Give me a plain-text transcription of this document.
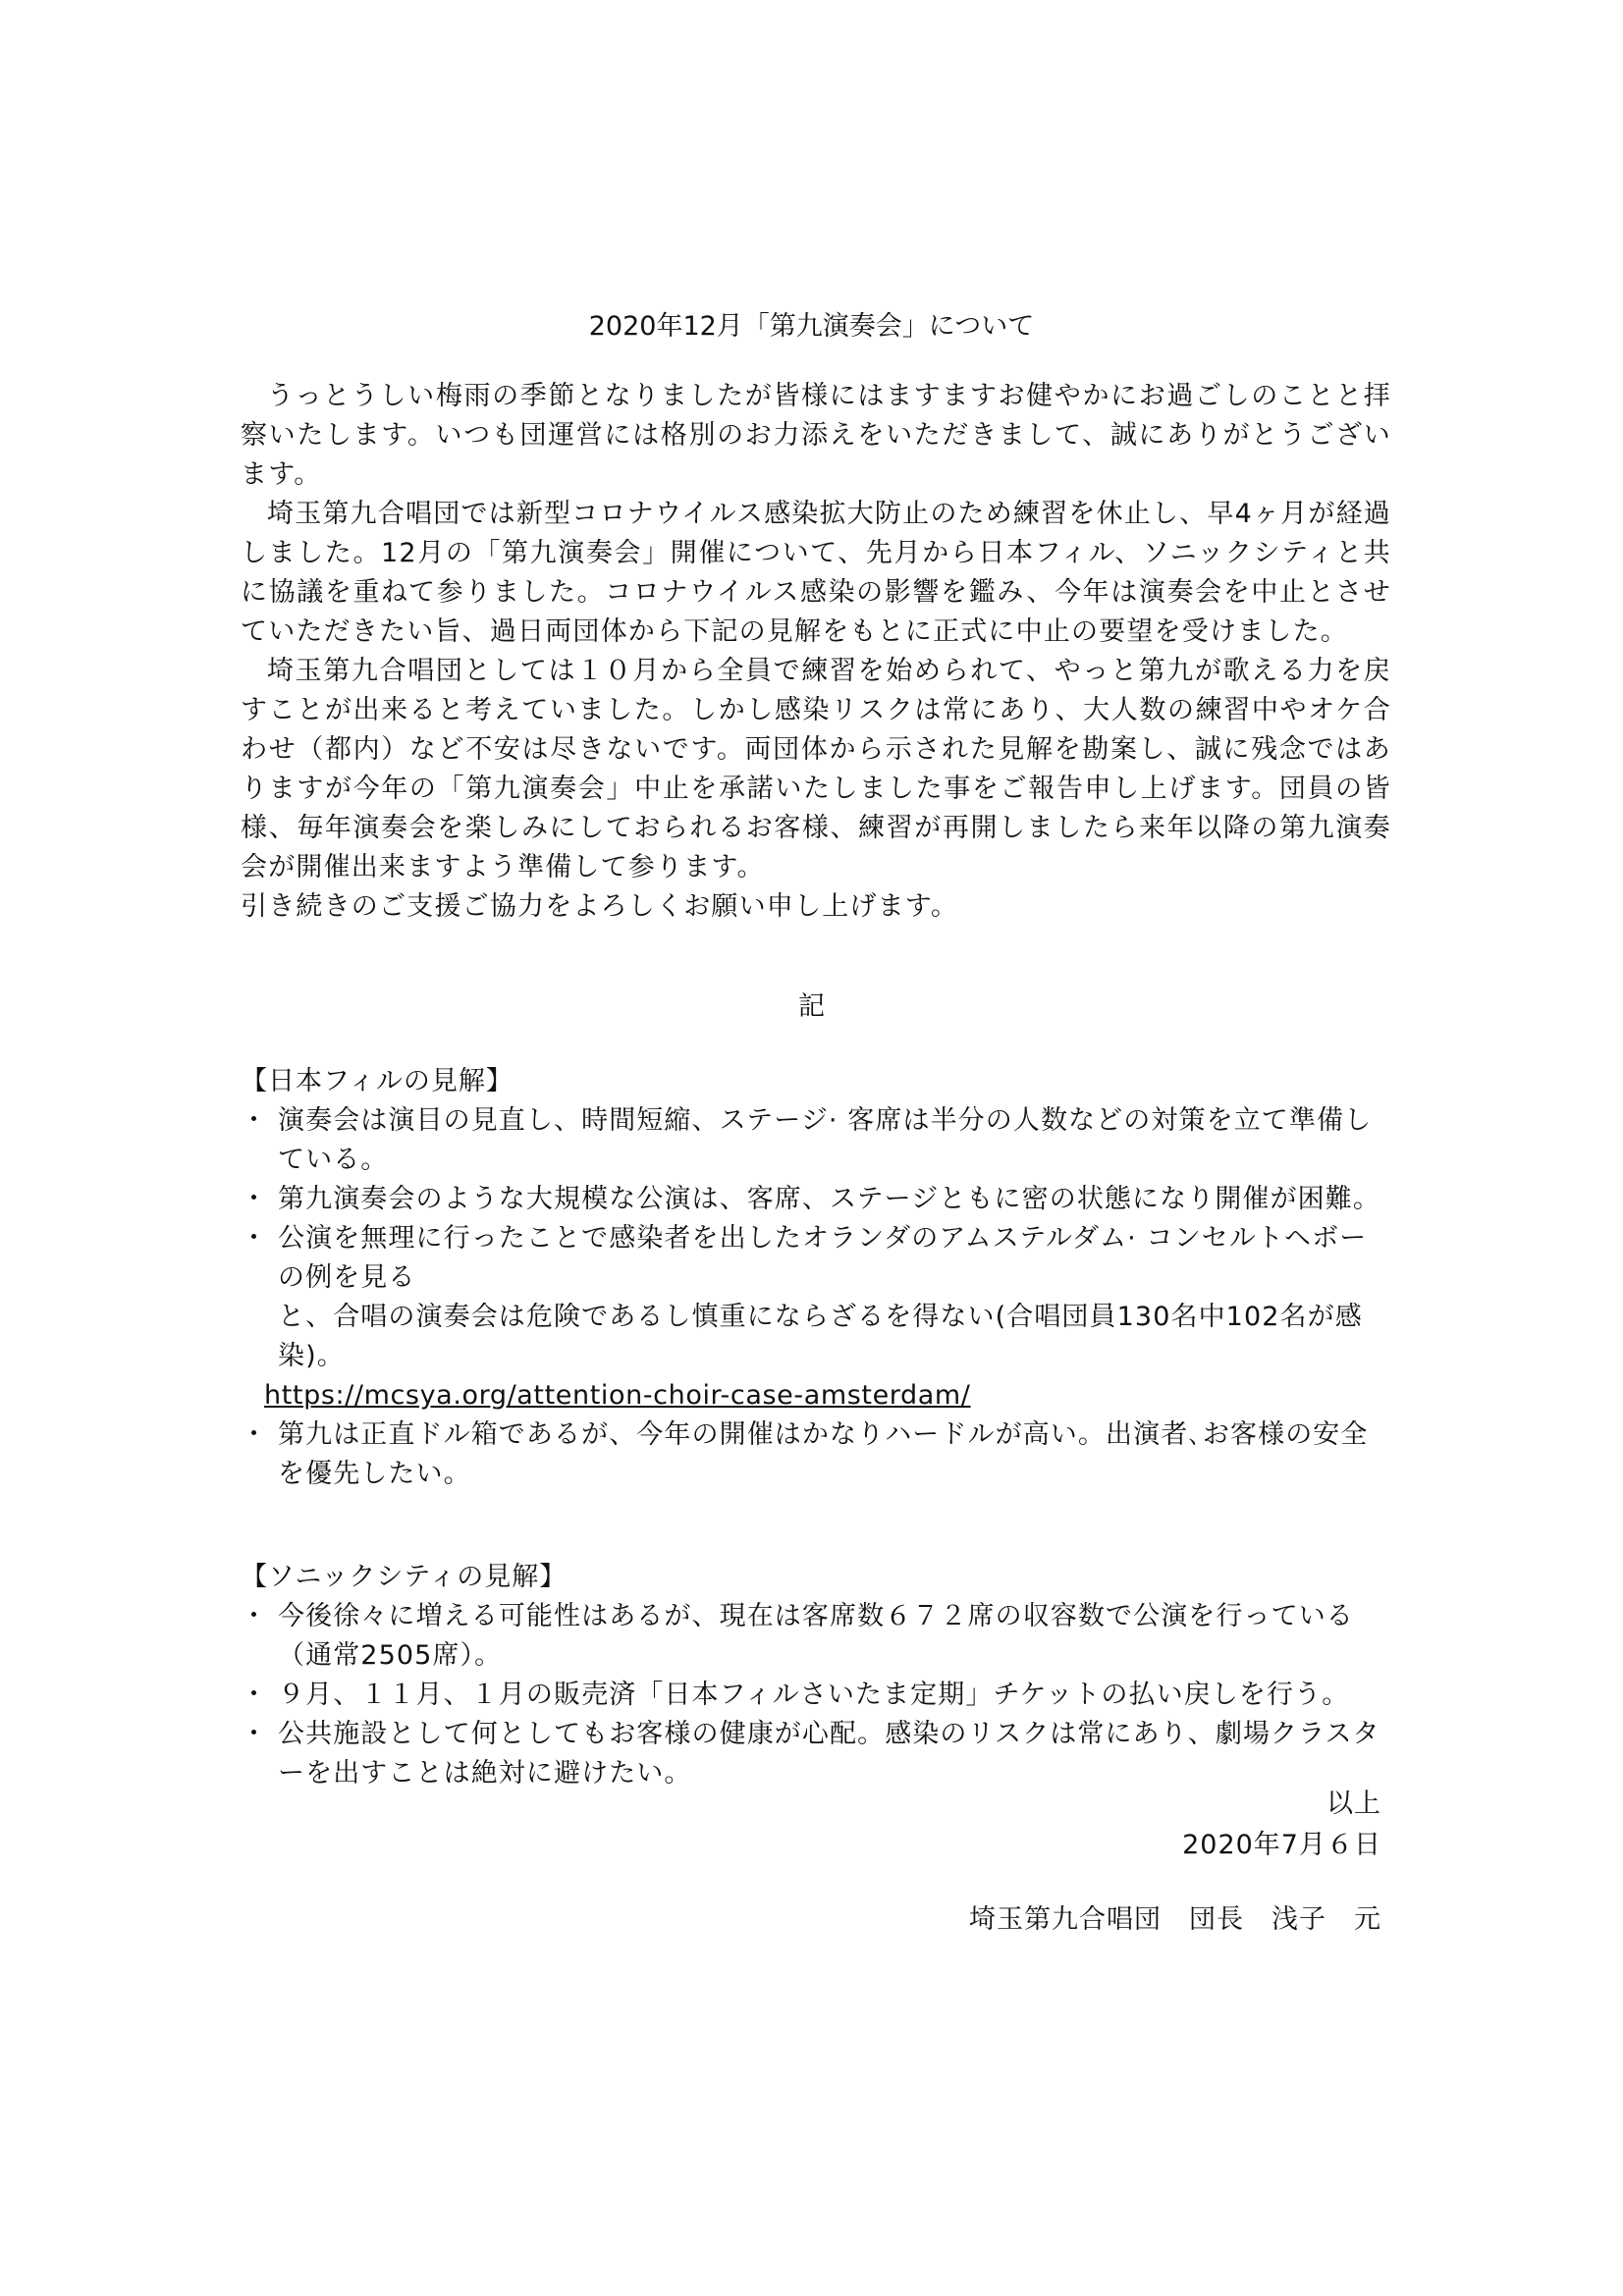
2020年12月「第九演奏会」について

うっとうしい梅雨の季節となりましたが皆様にはますますお健やかにお過ごしのことと拝察いたします。いつも団運営には格別のお力添えをいただきまして、誠にありがとうございます。

埼玉第九合唱団では新型コロナウイルス感染拡大防止のため練習を休止し、早4ヶ月が経過しました。12月の「第九演奏会」開催について、先月から日本フィル、ソニックシティと共に協議を重ねて参りました。コロナウイルス感染の影響を鑑み、今年は演奏会を中止とさせていただきたい旨、過日両団体から下記の見解をもとに正式に中止の要望を受けました。

埼玉第九合唱団としては１０月から全員で練習を始められて、やっと第九が歌える力を戻すことが出来ると考えていました。しかし感染リスクは常にあり、大人数の練習中やオケ合わせ（都内）など不安は尽きないです。両団体から示された見解を勘案し、誠に残念ではありますが今年の「第九演奏会」中止を承諾いたしました事をご報告申し上げます。団員の皆様、毎年演奏会を楽しみにしておられるお客様、練習が再開しましたら来年以降の第九演奏会が開催出来ますよう準備して参ります。

引き続きのご支援ご協力をよろしくお願い申し上げます。

記

【日本フィルの見解】

・ 演奏会は演目の見直し、時間短縮、ステージ· 客席は半分の人数などの対策を立て準備している。

・ 第九演奏会のような大規模な公演は、客席、ステージともに密の状態になり開催が困難。

・ 公演を無理に行ったことで感染者を出したオランダのアムステルダム· コンセルトヘボーの例を見る

と、合唱の演奏会は危険であるし慎重にならざるを得ない(合唱団員130名中102名が感染)。

https://mcsya.org/attention-choir-case-amsterdam/

・ 第九は正直ドル箱であるが、今年の開催はかなりハードルが高い。出演者､お客様の安全を優先したい。

【ソニックシティの見解】

・ 今後徐々に増える可能性はあるが、現在は客席数６７２席の収容数で公演を行っている（通常2505席）。

・ ９月、１１月、１月の販売済「日本フィルさいたま定期」チケットの払い戻しを行う。

・ 公共施設として何としてもお客様の健康が心配。感染のリスクは常にあり、劇場クラスターを出すことは絶対に避けたい。

以上
2020年7月６日
埼玉第九合唱団　団長　浅子　元
